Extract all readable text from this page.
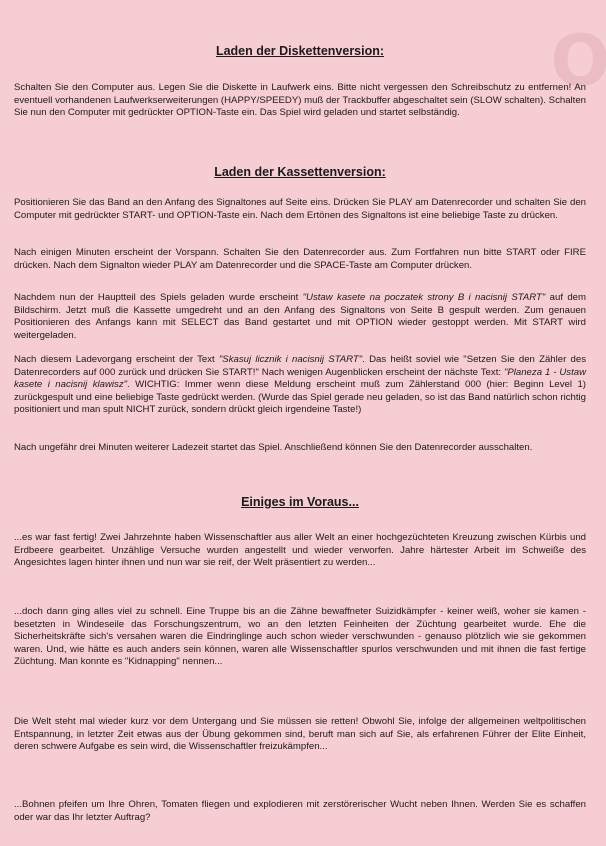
O
Laden der Diskettenversion:

Schalten Sie den Computer aus. Legen Sie die Diskette in Laufwerk eins. Bitte nicht vergessen den Schreibschutz zu entfernen! An eventuell vorhandenen Laufwerkserweiterungen (HAPPY/SPEEDY) muß der Trackbuffer abgeschaltet sein (SLOW schalten). Schalten Sie nun den Computer mit gedrückter OPTION-Taste ein. Das Spiel wird geladen und startet selbständig.

Laden der Kassettenversion:

Positionieren Sie das Band an den Anfang des Signaltones auf Seite eins. Drücken Sie PLAY am Datenrecorder und schalten Sie den Computer mit gedrückter START- und OPTION-Taste ein. Nach dem Ertönen des Signaltons ist eine beliebige Taste zu drücken.

Nach einigen Minuten erscheint der Vorspann. Schalten Sie den Datenrecorder aus. Zum Fortfahren nun bitte START oder FIRE drücken. Nach dem Signalton wieder PLAY am Datenrecorder und die SPACE-Taste am Computer drücken.

Nachdem nun der Hauptteil des Spiels geladen wurde erscheint "Ustaw kasete na poczatek strony B i nacisnij START" auf dem Bildschirm. Jetzt muß die Kassette umgedreht und an den Anfang des Signaltons von Seite B gespult werden. Zum genauen Positionieren des Anfangs kann mit SELECT das Band gestartet und mit OPTION wieder gestoppt werden. Mit START wird weitergeladen.

Nach diesem Ladevorgang erscheint der Text "Skasuj licznik i nacisnij START". Das heißt soviel wie "Setzen Sie den Zähler des Datenrecorders auf 000 zurück und drücken Sie START!" Nach wenigen Augenblicken erscheint der nächste Text: "Planeza 1 - Ustaw kasete i nacisnij klawisz". WICHTIG: Immer wenn diese Meldung erscheint muß zum Zählerstand 000 (hier: Beginn Level 1) zurückgespult und eine beliebige Taste gedrückt werden. (Wurde das Spiel gerade neu geladen, so ist das Band natürlich schon richtig positioniert und man spult NICHT zurück, sondern drückt gleich irgendeine Taste!)

Nach ungefähr drei Minuten weiterer Ladezeit startet das Spiel. Anschließend können Sie den Datenrecorder ausschalten.

Einiges im Voraus...

...es war fast fertig! Zwei Jahrzehnte haben Wissenschaftler aus aller Welt an einer hochgezüchteten Kreuzung zwischen Kürbis und Erdbeere gearbeitet. Unzählige Versuche wurden angestellt und wieder verworfen. Jahre härtester Arbeit im Schweiße des Angesichtes lagen hinter ihnen und nun war sie reif, der Welt präsentiert zu werden...

...doch dann ging alles viel zu schnell. Eine Truppe bis an die Zähne bewaffneter Suizidkämpfer - keiner weiß, woher sie kamen - besetzten in Windeseile das Forschungszentrum, wo an den letzten Feinheiten der Züchtung gearbeitet wurde. Ehe die Sicherheitskräfte sich's versahen waren die Eindringlinge auch schon wieder verschwunden - genauso plötzlich wie sie gekommen waren. Und, wie hätte es auch anders sein können, waren alle Wissenschaftler spurlos verschwunden und mit ihnen die fast fertige Züchtung. Man konnte es "Kidnapping" nennen...

Die Welt steht mal wieder kurz vor dem Untergang und Sie müssen sie retten! Obwohl Sie, infolge der allgemeinen weltpolitischen Entspannung, in letzter Zeit etwas aus der Übung gekommen sind, beruft man sich auf Sie, als erfahrenen Führer der Elite Einheit, deren schwere Aufgabe es sein wird, die Wissenschaftler freizukämpfen...

...Bohnen pfeifen um Ihre Ohren, Tomaten fliegen und explodieren mit zerstörerischer Wucht neben Ihnen. Werden Sie es schaffen oder war das Ihr letzter Auftrag?
